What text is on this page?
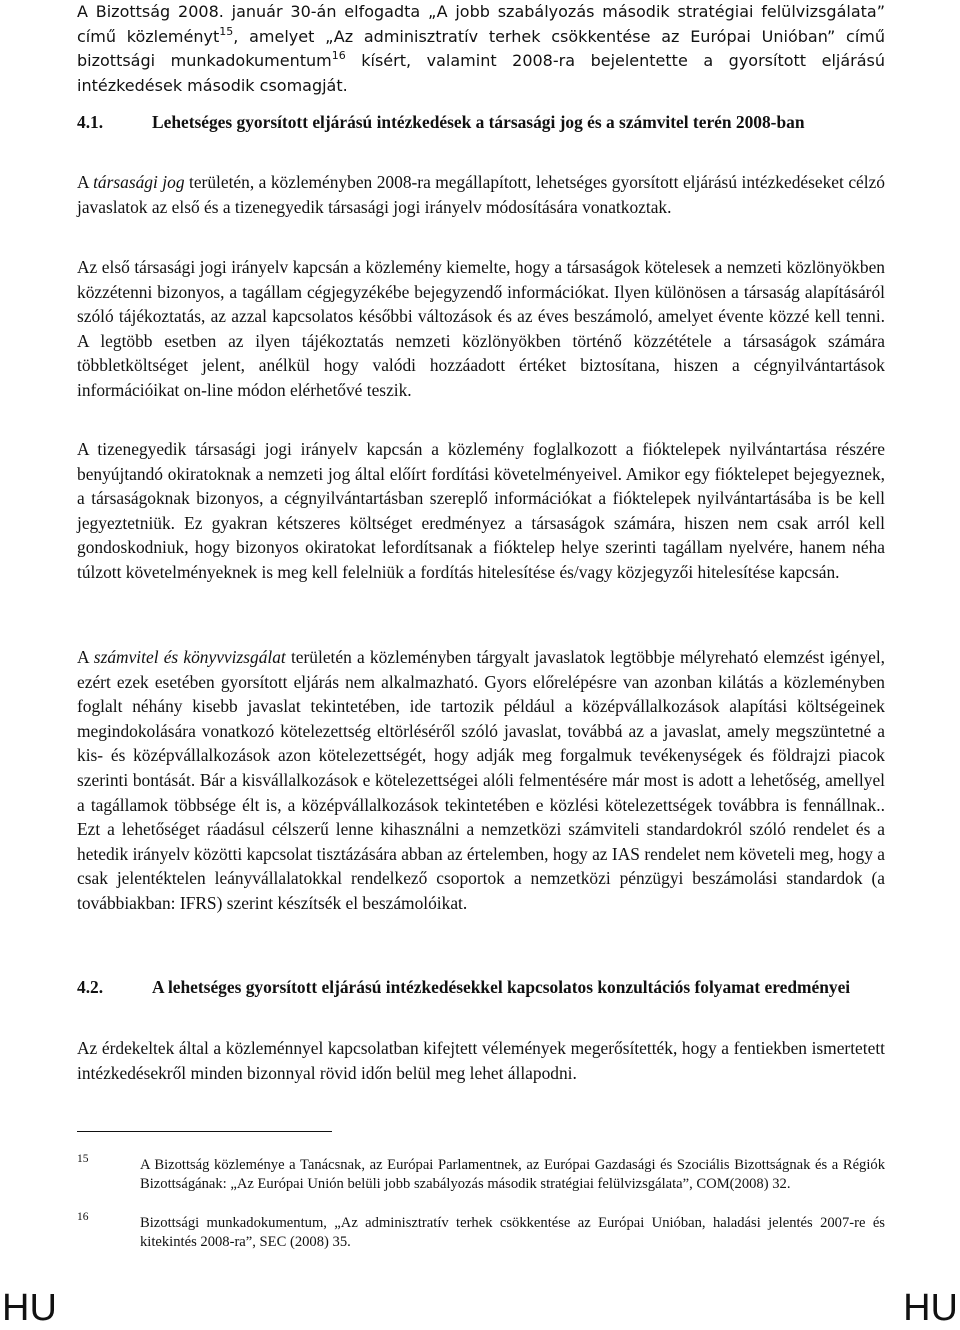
A Bizottság 2008. január 30-án elfogadta „A jobb szabályozás második stratégiai felülvizsgálata” című közleményt$^{15}$, amelyet „Az adminisztratív terhek csökkentése az Európai Unióban” című bizottsági munkadokumentum$^{16}$ kísért, valamint 2008-ra bejelentette a gyorsított eljárású intézkedések második csomagját.

4.1.	Lehetséges gyorsított eljárású intézkedések a társasági jog és a számvitel terén 2008-ban

A társasági jog területén, a közleményben 2008-ra megállapított, lehetséges gyorsított eljárású intézkedéseket célzó javaslatok az első és a tizenegyedik társasági jogi irányelv módosítására vonatkoztak.

Az első társasági jogi irányelv kapcsán a közlemény kiemelte, hogy a társaságok kötelesek a nemzeti közlönyökben közzétenni bizonyos, a tagállam cégjegyzékébe bejegyzendő információkat. Ilyen különösen a társaság alapításáról szóló tájékoztatás, az azzal kapcsolatos későbbi változások és az éves beszámoló, amelyet évente közzé kell tenni. A legtöbb esetben az ilyen tájékoztatás nemzeti közlönyökben történő közzététele a társaságok számára többletköltséget jelent, anélkül hogy valódi hozzáadott értéket biztosítana, hiszen a cégnyilvántartások információikat on-line módon elérhetővé teszik.

A tizenegyedik társasági jogi irányelv kapcsán a közlemény foglalkozott a fióktelepek nyilvántartása részére benyújtandó okiratoknak a nemzeti jog által előírt fordítási követelményeivel. Amikor egy fióktelepet bejegyeznek, a társaságoknak bizonyos, a cégnyilvántartásban szereplő információkat a fióktelepek nyilvántartásába is be kell jegyeztetniük. Ez gyakran kétszeres költséget eredményez a társaságok számára, hiszen nem csak arról kell gondoskodniuk, hogy bizonyos okiratokat lefordítsanak a fióktelep helye szerinti tagállam nyelvére, hanem néha túlzott követelményeknek is meg kell felelniük a fordítás hitelesítése és/vagy közjegyzői hitelesítése kapcsán.

A számvitel és könyvvizsgálat területén a közleményben tárgyalt javaslatok legtöbbje mélyreható elemzést igényel, ezért ezek esetében gyorsított eljárás nem alkalmazható. Gyors előrelépésre van azonban kilátás a közleményben foglalt néhány kisebb javaslat tekintetében, ide tartozik például a középvállalkozások alapítási költségeinek megindokolására vonatkozó kötelezettség eltörléséről szóló javaslat, továbbá az a javaslat, amely megszüntetné a kis- és középvállalkozások azon kötelezettségét, hogy adják meg forgalmuk tevékenységek és földrajzi piacok szerinti bontását. Bár a kisvállalkozások e kötelezettségei alóli felmentésére már most is adott a lehetőség, amellyel a tagállamok többsége élt is, a középvállalkozások tekintetében e közlési kötelezettségek továbbra is fennállnak.. Ezt a lehetőséget ráadásul célszerű lenne kihasználni a nemzetközi számviteli standardokról szóló rendelet és a hetedik irányelv közötti kapcsolat tisztázására abban az értelemben, hogy az IAS rendelet nem követeli meg, hogy a csak jelentéktelen leányvállalatokkal rendelkező csoportok a nemzetközi pénzügyi beszámolási standardok (a továbbiakban: IFRS) szerint készítsék el beszámolóikat.

4.2.	A lehetséges gyorsított eljárású intézkedésekkel kapcsolatos konzultációs folyamat eredményei

Az érdekeltek által a közleménnyel kapcsolatban kifejtett vélemények megerősítették, hogy a fentiekben ismertetett intézkedésekről minden bizonnyal rövid időn belül meg lehet állapodni.

15	A Bizottság közleménye a Tanácsnak, az Európai Parlamentnek, az Európai Gazdasági és Szociális Bizottságnak és a Régiók Bizottságának: „Az Európai Unión belüli jobb szabályozás második stratégiai felülvizsgálata”, COM(2008) 32.
16	Bizottsági munkadokumentum, „Az adminisztratív terhek csökkentése az Európai Unióban, haladási jelentés 2007-re és kitekintés 2008-ra”, SEC (2008) 35.
HU	HU
